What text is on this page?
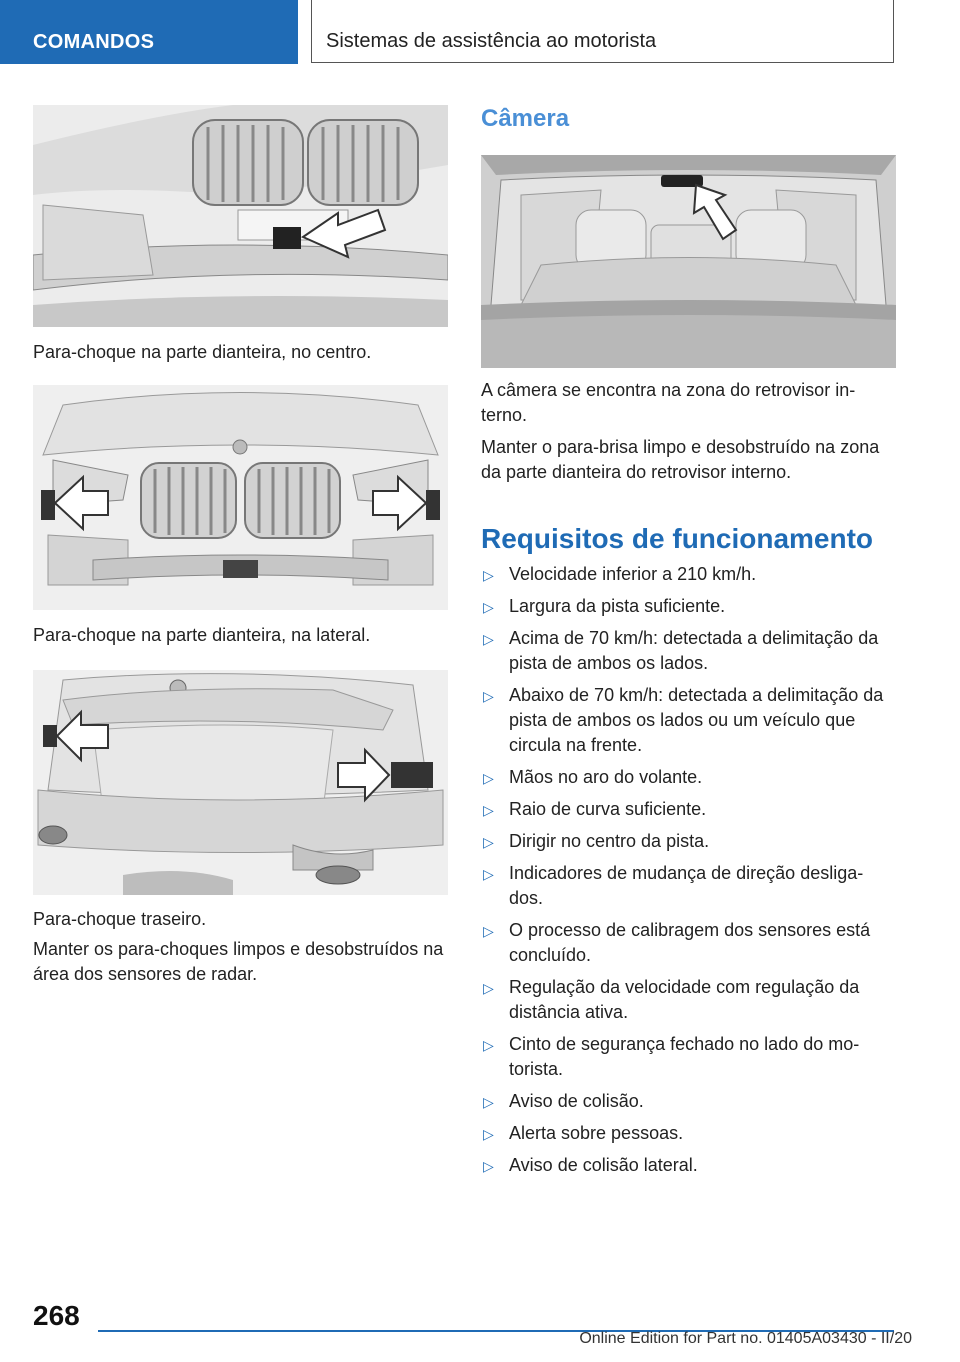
COMANDOS	Sistemas de assistência ao motorista

Para-choque na parte dianteira, no centro.

Para-choque na parte dianteira, na lateral.

Para-choque traseiro.

Manter os para-choques limpos e desobstruídos na área dos sensores de radar.

Câmera

A câmera se encontra na zona do retrovisor in-terno.

Manter o para-brisa limpo e desobstruído na zona da parte dianteira do retrovisor interno.

Requisitos de funcionamento
▷ Velocidade inferior a 210 km/h.
▷ Largura da pista suficiente.
▷ Acima de 70 km/h: detectada a delimitação da pista de ambos os lados.
▷ Abaixo de 70 km/h: detectada a delimitação da pista de ambos os lados ou um veículo que circula na frente.
▷ Mãos no aro do volante.
▷ Raio de curva suficiente.
▷ Dirigir no centro da pista.
▷ Indicadores de mudança de direção desliga-dos.
▷ O processo de calibragem dos sensores está concluído.
▷ Regulação da velocidade com regulação da distância ativa.
▷ Cinto de segurança fechado no lado do mo-torista.
▷ Aviso de colisão.
▷ Alerta sobre pessoas.
▷ Aviso de colisão lateral.
268
Online Edition for Part no. 01405A03430 - II/20
